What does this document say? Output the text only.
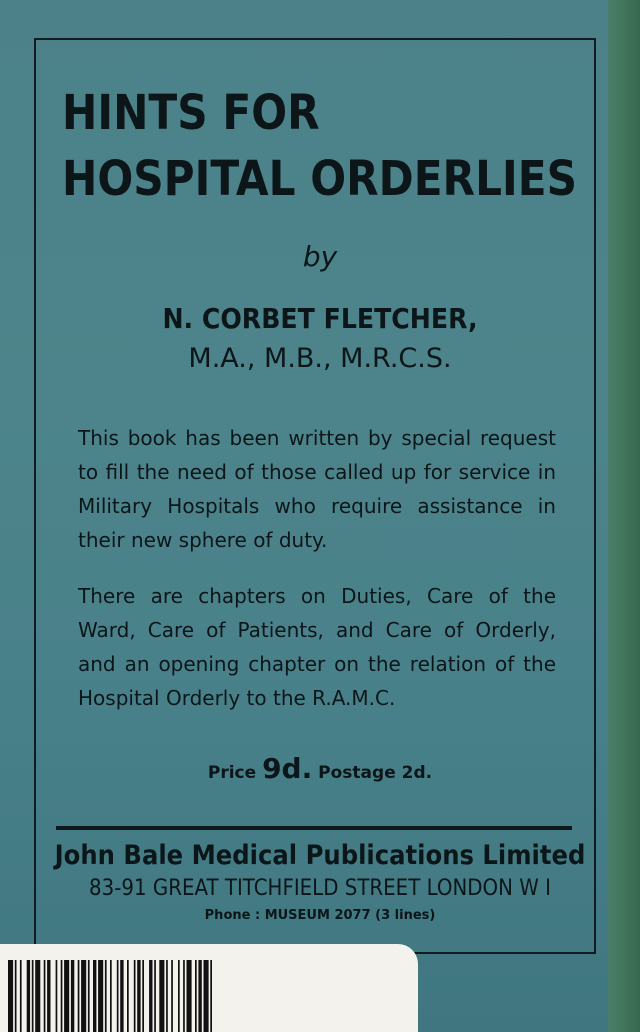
HINTS FOR
HOSPITAL ORDERLIES
by
N. CORBET FLETCHER,
M.A., M.B., M.R.C.S.

This book has been written by special request to fill the need of those called up for service in Military Hospitals who require assistance in their new sphere of duty.

There are chapters on Duties, Care of the Ward, Care of Patients, and Care of Orderly, and an opening chapter on the relation of the Hospital Orderly to the R.A.M.C.

Price 9d. Postage 2d.
John Bale Medical Publications Limited
83-91 GREAT TITCHFIELD STREET LONDON W I
Phone : MUSEUM 2077 (3 lines)
